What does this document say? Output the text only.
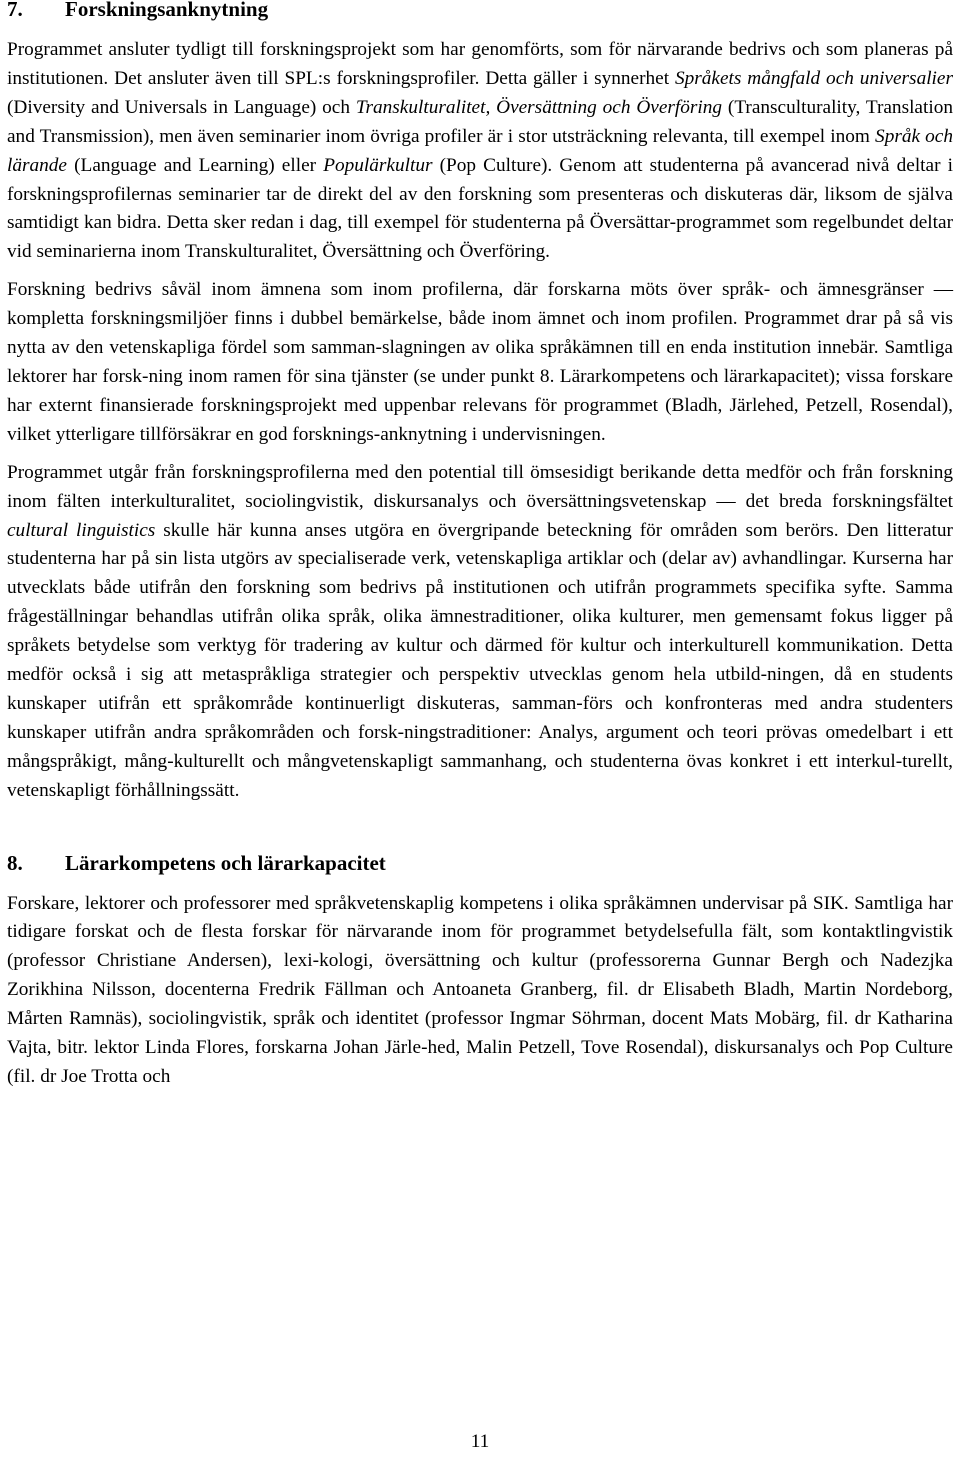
7. Forskningsanknytning

Programmet ansluter tydligt till forskningsprojekt som har genomförts, som för närvarande bedrivs och som planeras på institutionen. Det ansluter även till SPL:s forskningsprofiler. Detta gäller i synnerhet Språkets mångfald och universalier (Diversity and Universals in Language) och Transkulturalitet, Översättning och Överföring (Transculturality, Translation and Transmission), men även seminarier inom övriga profiler är i stor utsträckning relevanta, till exempel inom Språk och lärande (Language and Learning) eller Populärkultur (Pop Culture). Genom att studenterna på avancerad nivå deltar i forskningsprofilernas seminarier tar de direkt del av den forskning som presenteras och diskuteras där, liksom de själva samtidigt kan bidra. Detta sker redan i dag, till exempel för studenterna på Översättar-programmet som regelbundet deltar vid seminarierna inom Transkulturalitet, Översättning och Överföring.

Forskning bedrivs såväl inom ämnena som inom profilerna, där forskarna möts över språk- och ämnesgränser — kompletta forskningsmiljöer finns i dubbel bemärkelse, både inom ämnet och inom profilen. Programmet drar på så vis nytta av den vetenskapliga fördel som samman-slagningen av olika språkämnen till en enda institution innebär. Samtliga lektorer har forsk-ning inom ramen för sina tjänster (se under punkt 8. Lärarkompetens och lärarkapacitet); vissa forskare har externt finansierade forskningsprojekt med uppenbar relevans för programmet (Bladh, Järlehed, Petzell, Rosendal), vilket ytterligare tillförsäkrar en god forsknings-anknytning i undervisningen.

Programmet utgår från forskningsprofilerna med den potential till ömsesidigt berikande detta medför och från forskning inom fälten interkulturalitet, sociolingvistik, diskursanalys och översättningsvetenskap — det breda forskningsfältet cultural linguistics skulle här kunna anses utgöra en övergripande beteckning för områden som berörs. Den litteratur studenterna har på sin lista utgörs av specialiserade verk, vetenskapliga artiklar och (delar av) avhandlingar. Kurserna har utvecklats både utifrån den forskning som bedrivs på institutionen och utifrån programmets specifika syfte. Samma frågeställningar behandlas utifrån olika språk, olika ämnestraditioner, olika kulturer, men gemensamt fokus ligger på språkets betydelse som verktyg för tradering av kultur och därmed för kultur och interkulturell kommunikation. Detta medför också i sig att metaspråkliga strategier och perspektiv utvecklas genom hela utbild-ningen, då en students kunskaper utifrån ett språkområde kontinuerligt diskuteras, samman-förs och konfronteras med andra studenters kunskaper utifrån andra språkområden och forsk-ningstraditioner: Analys, argument och teori prövas omedelbart i ett mångspråkigt, mång-kulturellt och mångvetenskapligt sammanhang, och studenterna övas konkret i ett interkul-turellt, vetenskapligt förhållningssätt.

8. Lärarkompetens och lärarkapacitet

Forskare, lektorer och professorer med språkvetenskaplig kompetens i olika språkämnen undervisar på SIK. Samtliga har tidigare forskat och de flesta forskar för närvarande inom för programmet betydelsefulla fält, som kontaktlingvistik (professor Christiane Andersen), lexi-kologi, översättning och kultur (professorerna Gunnar Bergh och Nadezjka Zorikhina Nilsson, docenterna Fredrik Fällman och Antoaneta Granberg, fil. dr Elisabeth Bladh, Martin Nordeborg, Mårten Ramnäs), sociolingvistik, språk och identitet (professor Ingmar Söhrman, docent Mats Mobärg, fil. dr Katharina Vajta, bitr. lektor Linda Flores, forskarna Johan Järle-hed, Malin Petzell, Tove Rosendal), diskursanalys och Pop Culture (fil. dr Joe Trotta och

11
